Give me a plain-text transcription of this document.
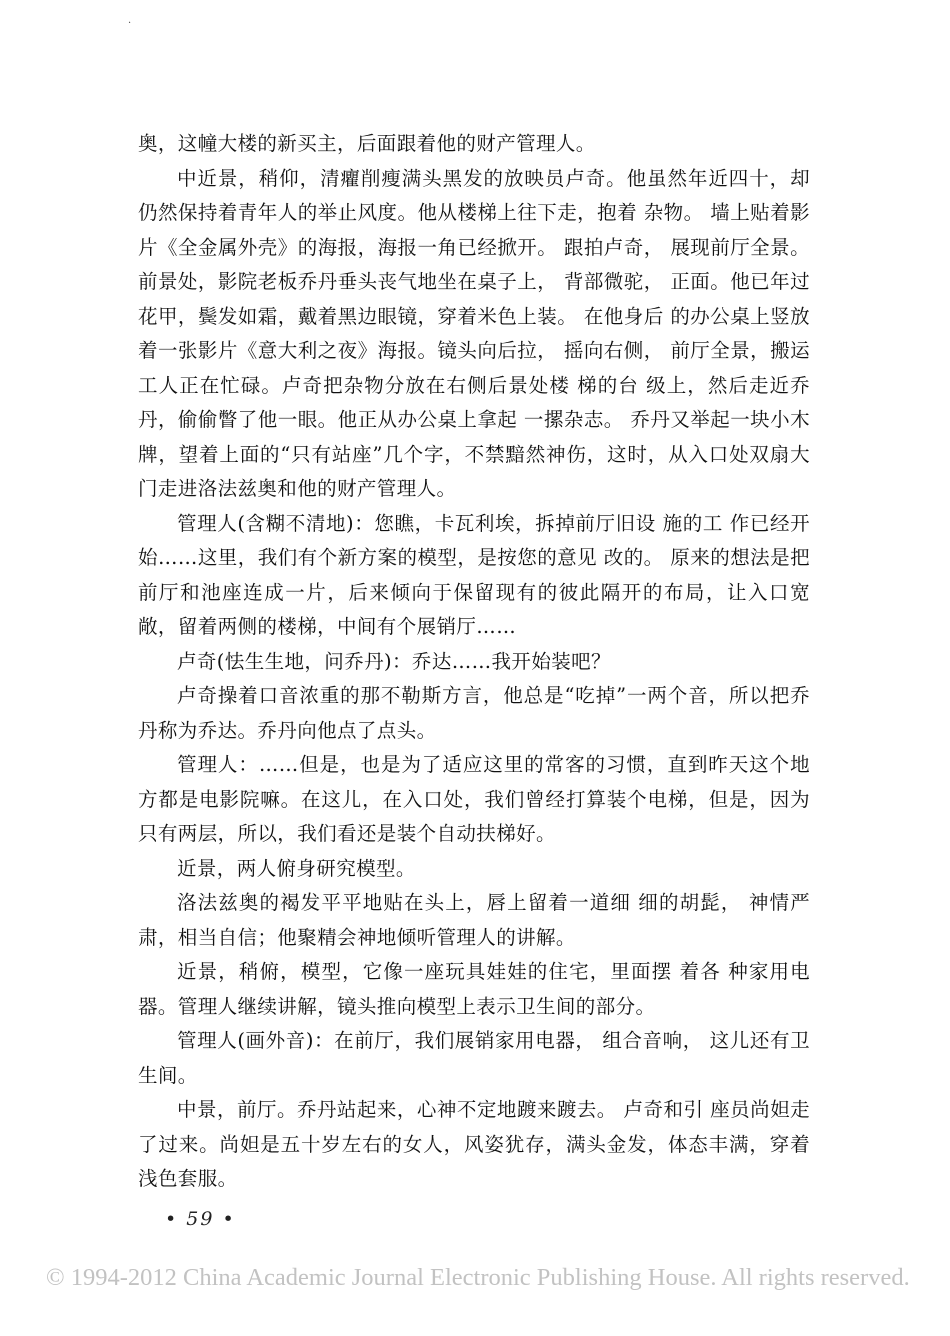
·

奥，这幢大楼的新买主，后面跟着他的财产管理人。

中近景，稍仰，清癯削瘦满头黑发的放映员卢奇。他虽然年近四十，却仍然保持着青年人的举止风度。他从楼梯上往下走，抱着 杂物。 墙上贴着影片《全金属外壳》的海报，海报一角已经掀开。 跟拍卢奇， 展现前厅全景。前景处，影院老板乔丹垂头丧气地坐在桌子上， 背部微驼， 正面。他已年过花甲，鬓发如霜，戴着黑边眼镜，穿着米色上装。 在他身后 的办公桌上竖放着一张影片《意大利之夜》海报。镜头向后拉， 摇向右侧， 前厅全景，搬运工人正在忙碌。卢奇把杂物分放在右侧后景处楼 梯的台 级上，然后走近乔丹，偷偷瞥了他一眼。他正从办公桌上拿起 一摞杂志。 乔丹又举起一块小木牌，望着上面的“只有站座”几个字，不禁黯然神伤，这时，从入口处双扇大门走进洛法兹奥和他的财产管理人。

管理人(含糊不清地)：您瞧，卡瓦利埃，拆掉前厅旧设 施的工 作已经开始……这里，我们有个新方案的模型，是按您的意见 改的。 原来的想法是把前厅和池座连成一片，后来倾向于保留现有的彼此隔开的布局，让入口宽敞，留着两侧的楼梯，中间有个展销厅……

卢奇(怯生生地，问乔丹)：乔达……我开始装吧？

卢奇操着口音浓重的那不勒斯方言，他总是“吃掉”一两个音，所以把乔丹称为乔达。乔丹向他点了点头。

管理人：……但是，也是为了适应这里的常客的习惯，直到昨天这个地方都是电影院嘛。在这儿，在入口处，我们曾经打算装个电梯，但是，因为只有两层，所以，我们看还是装个自动扶梯好。

近景，两人俯身研究模型。

洛法兹奥的褐发平平地贴在头上，唇上留着一道细 细的胡髭， 神情严肃，相当自信；他聚精会神地倾听管理人的讲解。

近景，稍俯，模型，它像一座玩具娃娃的住宅，里面摆 着各 种家用电器。管理人继续讲解，镜头推向模型上表示卫生间的部分。

管理人(画外音)：在前厅，我们展销家用电器， 组合音响， 这儿还有卫生间。

中景，前厅。乔丹站起来，心神不定地踱来踱去。 卢奇和引 座员尚妲走了过来。尚妲是五十岁左右的女人，风姿犹存，满头金发，体态丰满，穿着浅色套服。

• 59 •
© 1994-2012 China Academic Journal Electronic Publishing House. All rights reserved.
